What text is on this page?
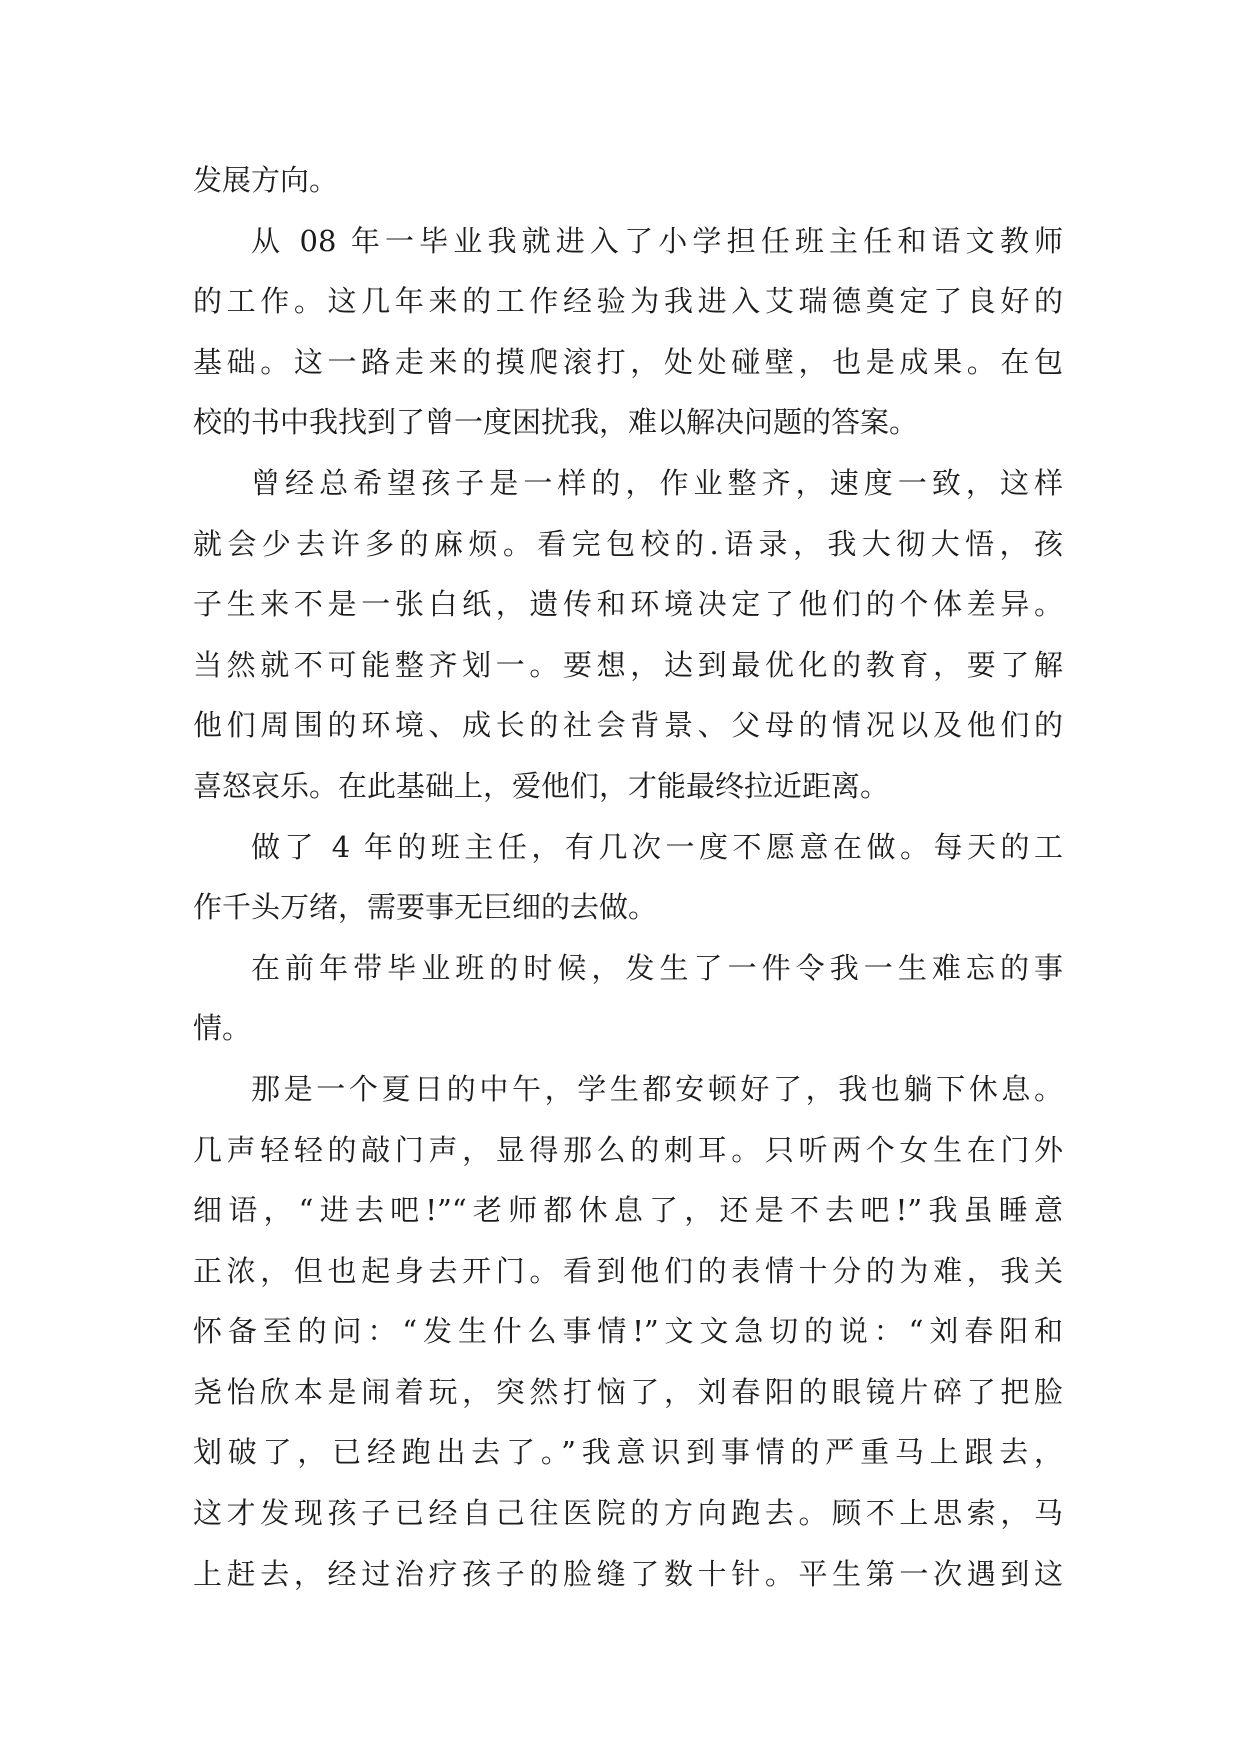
发展方向。
从 08 年一毕业我就进入了小学担任班主任和语文教师
的工作。这几年来的工作经验为我进入艾瑞德奠定了良好的
基础。这一路走来的摸爬滚打，处处碰壁，也是成果。在包
校的书中我找到了曾一度困扰我，难以解决问题的答案。
曾经总希望孩子是一样的，作业整齐，速度一致，这样
就会少去许多的麻烦。看完包校的.语录，我大彻大悟，孩
子生来不是一张白纸，遗传和环境决定了他们的个体差异。
当然就不可能整齐划一。要想，达到最优化的教育，要了解
他们周围的环境、成长的社会背景、父母的情况以及他们的
喜怒哀乐。在此基础上，爱他们，才能最终拉近距离。
做了 4 年的班主任，有几次一度不愿意在做。每天的工
作千头万绪，需要事无巨细的去做。
在前年带毕业班的时候，发生了一件令我一生难忘的事
情。
那是一个夏日的中午，学生都安顿好了，我也躺下休息。
几声轻轻的敲门声，显得那么的刺耳。只听两个女生在门外
细语，“进去吧!”“老师都休息了，还是不去吧!”我虽睡意
正浓，但也起身去开门。看到他们的表情十分的为难，我关
怀备至的问：“发生什么事情!”文文急切的说：“刘春阳和
尧怡欣本是闹着玩，突然打恼了，刘春阳的眼镜片碎了把脸
划破了，已经跑出去了。”我意识到事情的严重马上跟去，
这才发现孩子已经自己往医院的方向跑去。顾不上思索，马
上赶去，经过治疗孩子的脸缝了数十针。平生第一次遇到这
